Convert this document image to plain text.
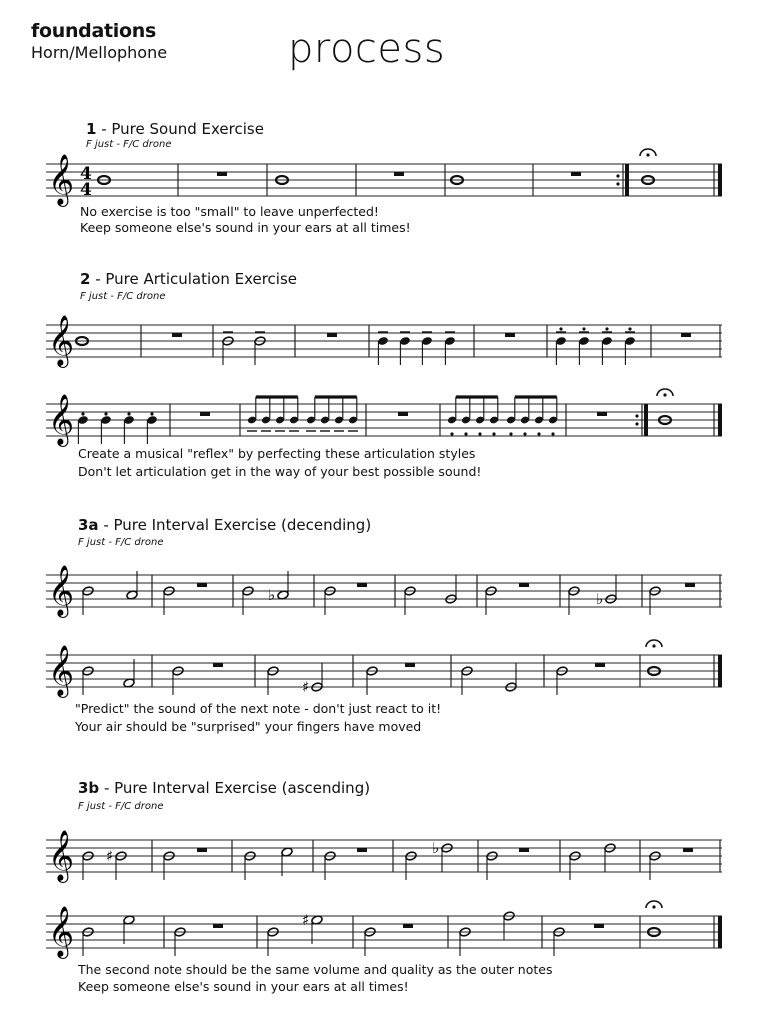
foundations
Horn/Mellophone	process
1 - Pure Sound Exercise
F just - F/C drone
No exercise is too "small" to leave unperfected!
Keep someone else's sound in your ears at all times!
2 - Pure Articulation Exercise
F just - F/C drone
Create a musical "reflex" by perfecting these articulation styles
Don't let articulation get in the way of your best possible sound!
3a - Pure Interval Exercise (decending)
F just - F/C drone
"Predict" the sound of the next note - don't just react to it!
Your air should be "surprised" your fingers have moved
3b - Pure Interval Exercise (ascending)
F just - F/C drone
The second note should be the same volume and quality as the outer notes
Keep someone else's sound in your ears at all times!
𝄞 4
4
𝄞
𝄞
𝄞	♭	♭
𝄞	♯
𝄞 ♯	♭
𝄞	♯
